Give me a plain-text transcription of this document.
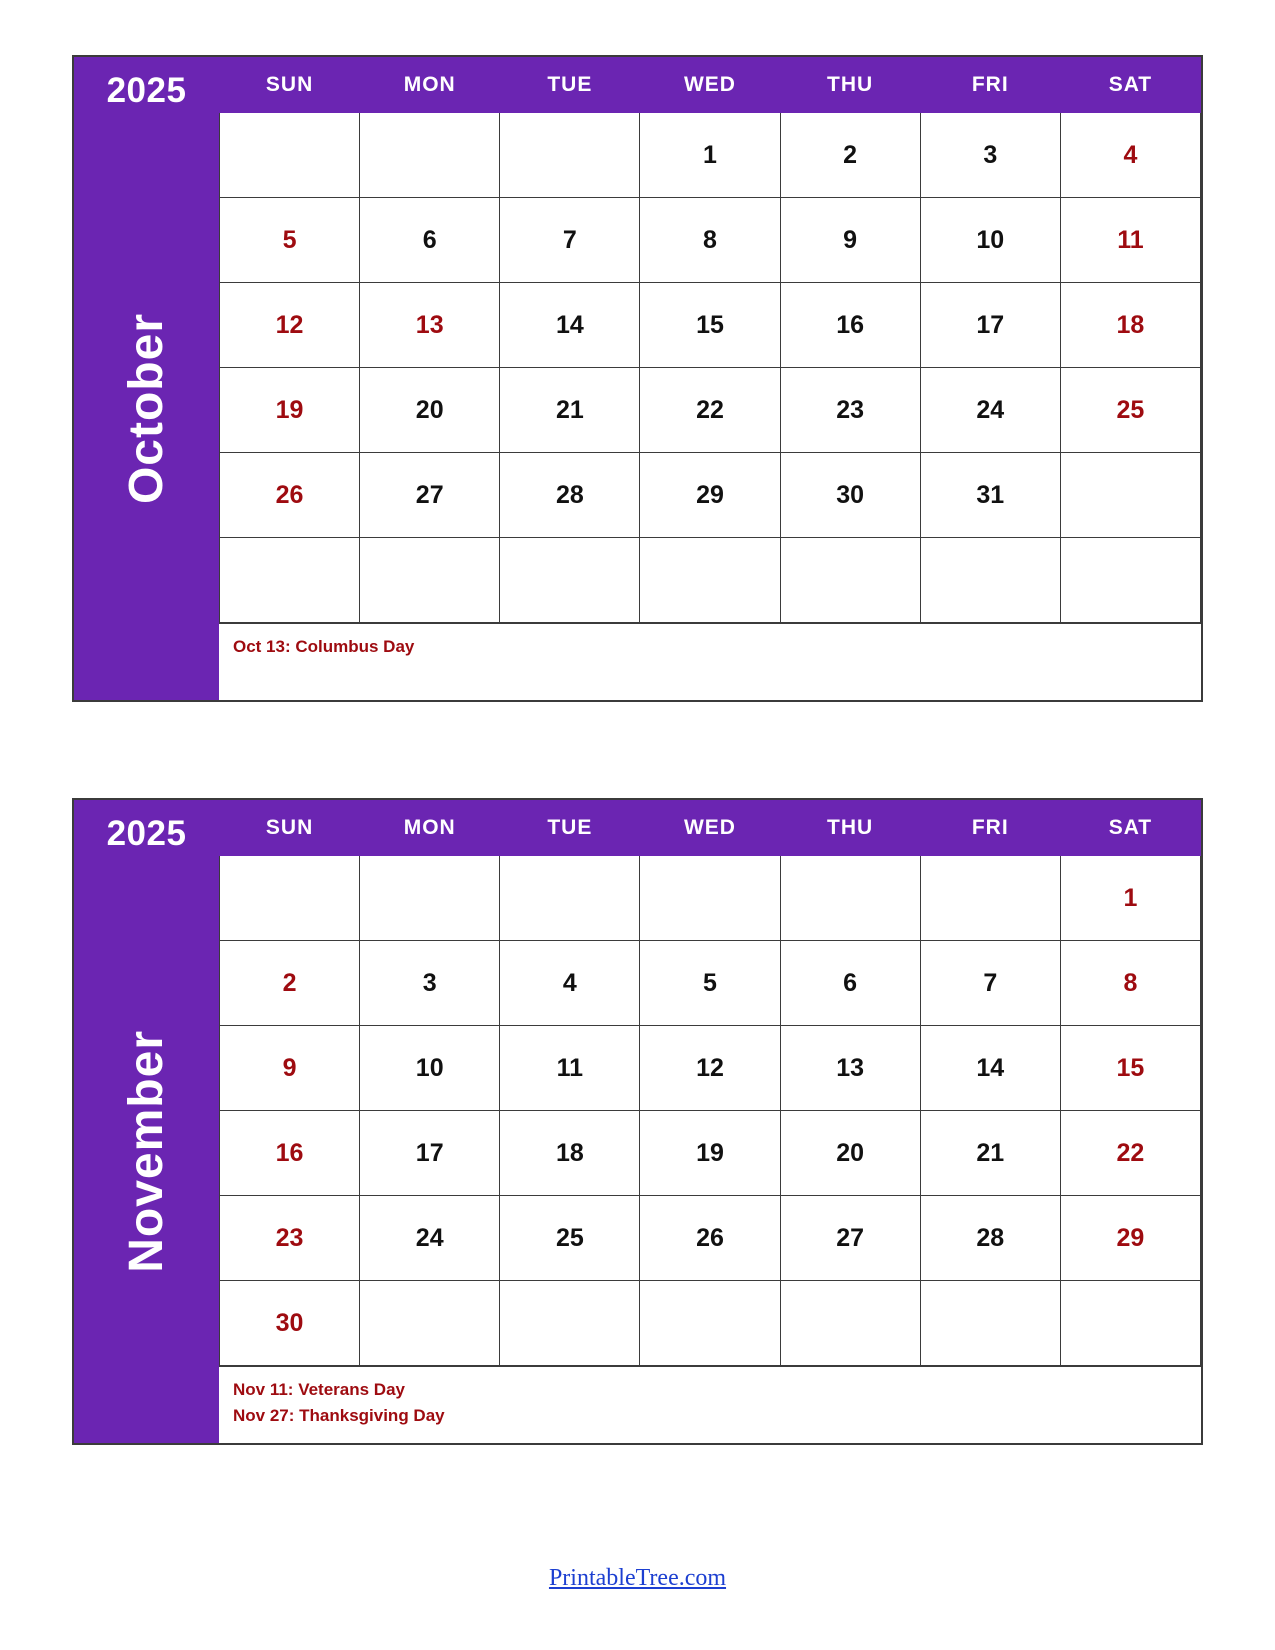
2025
October
SUN	MON	TUE	WED	THU	FRI	SAT
			1	2	3	4
5	6	7	8	9	10	11
12	13	14	15	16	17	18
19	20	21	22	23	24	25
26	27	28	29	30	31	

Oct 13: Columbus Day
2025
November
SUN	MON	TUE	WED	THU	FRI	SAT
						1
2	3	4	5	6	7	8
9	10	11	12	13	14	15
16	17	18	19	20	21	22
23	24	25	26	27	28	29
30						
Nov 11: Veterans Day
Nov 27: Thanksgiving Day
PrintableTree.com
